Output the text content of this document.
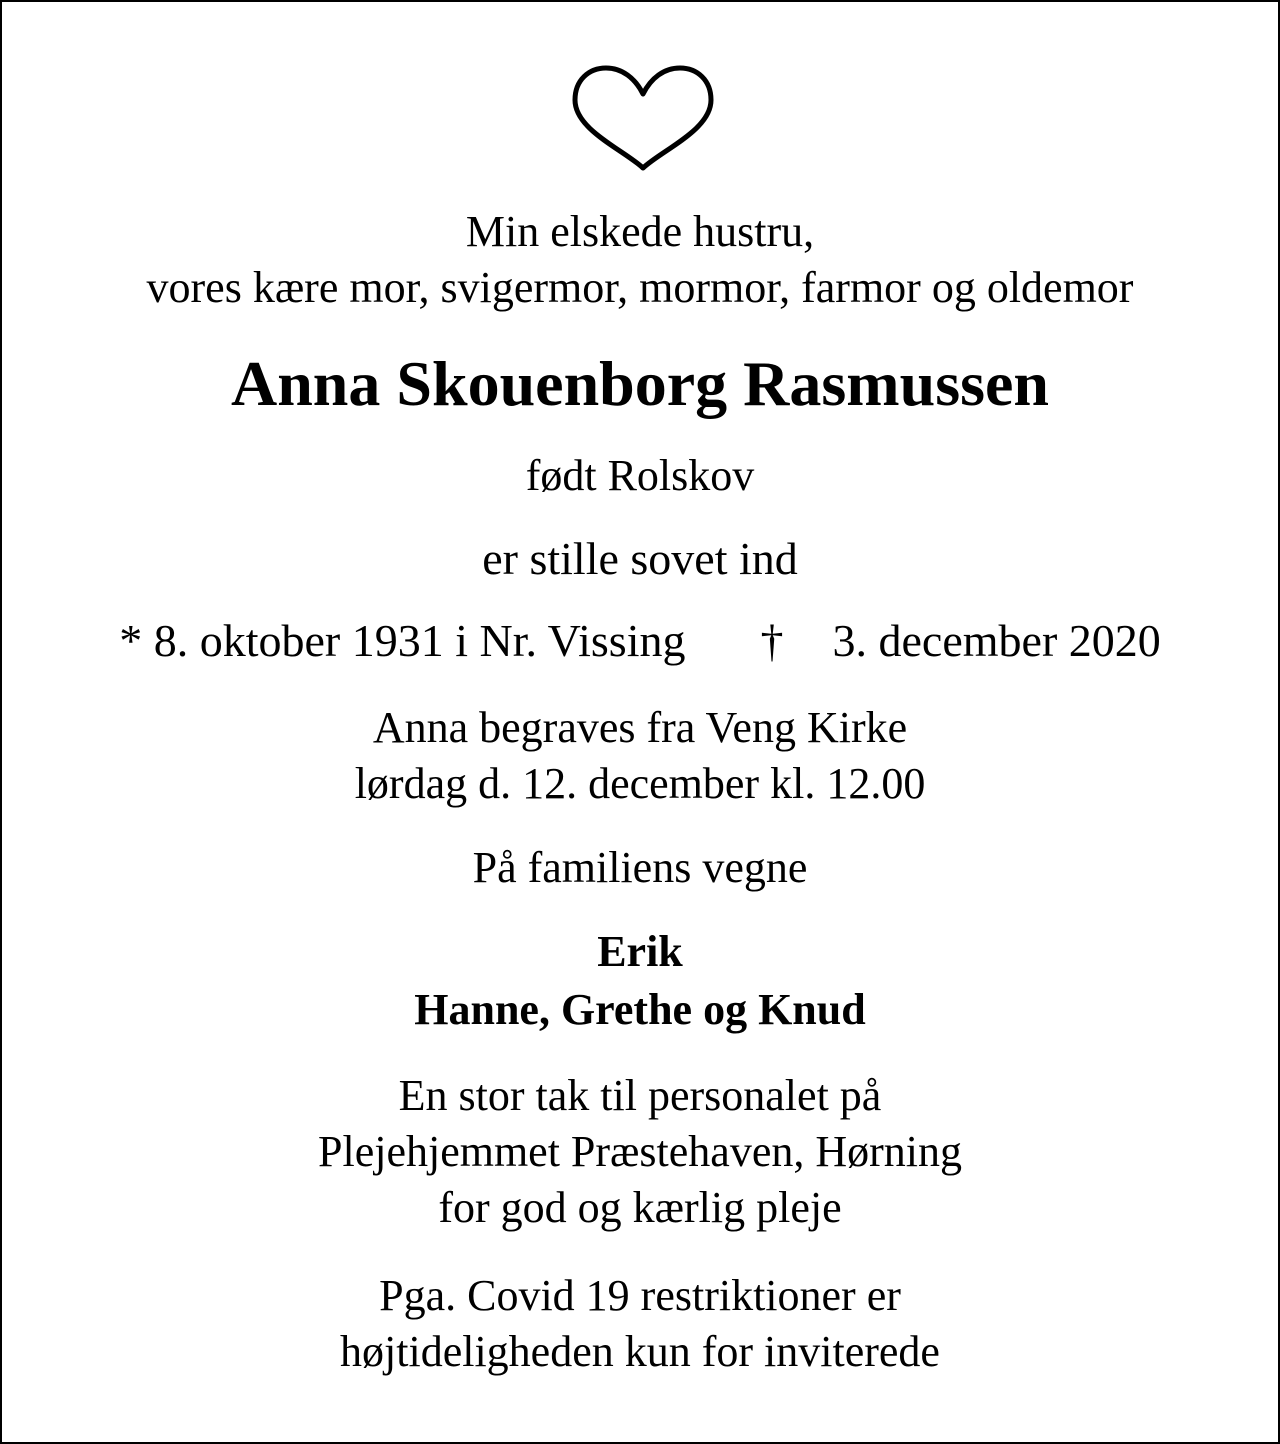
Min elskede hustru,
vores kære mor, svigermor, mormor, farmor og oldemor
Anna Skouenborg Rasmussen
født Rolskov
er stille sovet ind
* 8. oktober 1931 i Nr. Vissing † 3. december 2020
Anna begraves fra Veng Kirke
lørdag d. 12. december kl. 12.00
På familiens vegne
Erik
Hanne, Grethe og Knud
En stor tak til personalet på
Plejehjemmet Præstehaven, Hørning
for god og kærlig pleje
Pga. Covid 19 restriktioner er
højtideligheden kun for inviterede
